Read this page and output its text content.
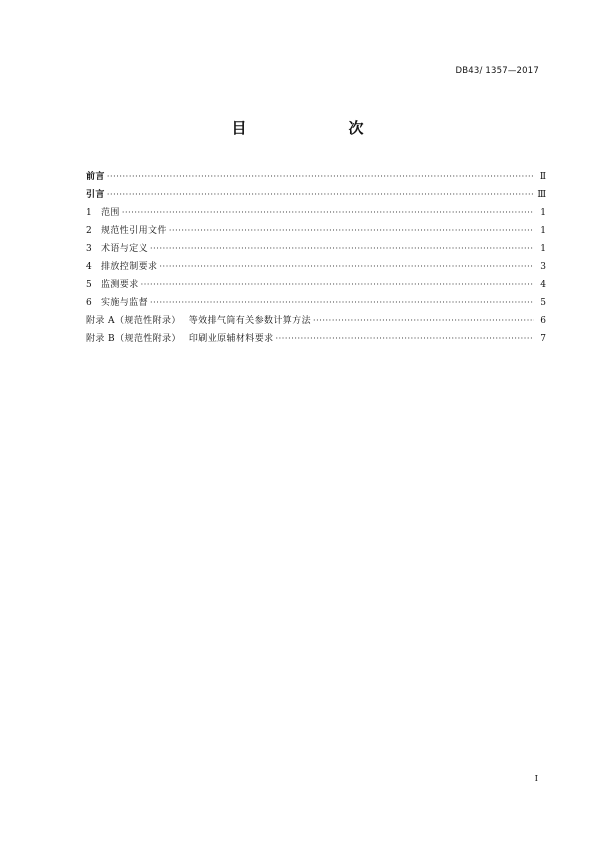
DB43/ 1357—2017
目　　次
前言 ·····	Ⅱ
引言 ·····	Ⅲ
1 范围 ·····	1
2 规范性引用文件 ·····	1
3 术语与定义 ·····	1
4 排放控制要求 ·····	3
5 监测要求 ·····	4
6 实施与监督 ·····	5
附录 A（规范性附录） 等效排气筒有关参数计算方法 ·····	6
附录 B（规范性附录） 印刷业原辅材料要求 ·····	7
I
